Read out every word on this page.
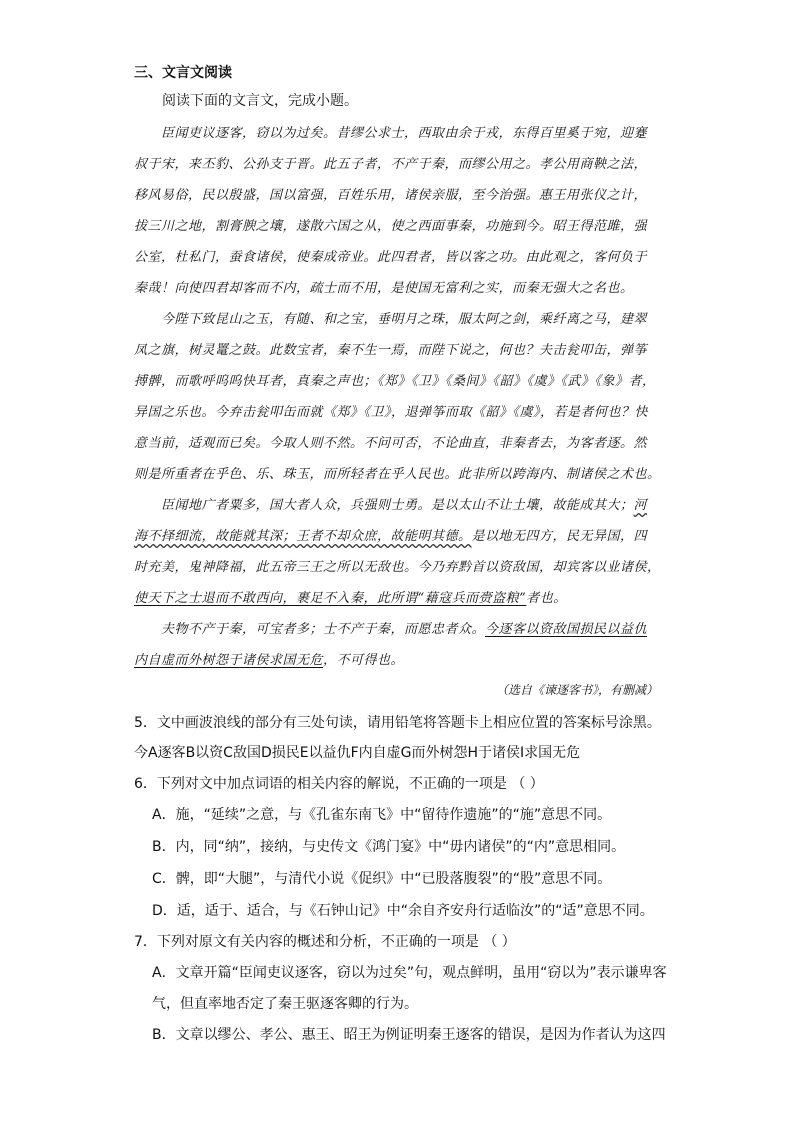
三、文言文阅读
阅读下面的文言文，完成小题。
臣闻吏议逐客，窃以为过矣。昔缪公求士，西取由余于戎，东得百里奚于宛，迎蹇
叔于宋，来丕豹、公孙支于晋。此五子者，不产于秦，而缪公用之。孝公用商鞅之法，
移风易俗，民以殷盛，国以富强，百姓乐用，诸侯亲服，至今治强。惠王用张仪之计，
拔三川之地，割膏腴之壤，遂散六国之从，使之西面事秦，功施到今。昭王得范雎，强
公室，杜私门，蚕食诸侯，使秦成帝业。此四君者，皆以客之功。由此观之，客何负于
秦哉！向使四君却客而不内，疏士而不用，是使国无富利之实，而秦无强大之名也。
今陛下致昆山之玉，有随、和之宝，垂明月之珠，服太阿之剑，乘纤离之马，建翠
凤之旗，树灵鼍之鼓。此数宝者，秦不生一焉，而陛下说之，何也？夫击瓮叩缶，弹筝
搏髀，而歌呼呜呜快耳者，真秦之声也；《郑》《卫》《桑间》《韶》《虞》《武》《象》者，
异国之乐也。今弃击瓮叩缶而就《郑》《卫》，退弹筝而取《韶》《虞》，若是者何也？快
意当前，适观而已矣。今取人则不然。不问可否，不论曲直，非秦者去，为客者逐。然
则是所重者在乎色、乐、珠玉，而所轻者在乎人民也。此非所以跨海内、制诸侯之术也。
臣闻地广者粟多，国大者人众，兵强则士勇。是以太山不让土壤，故能成其大；河
海不择细流，故能就其深；王者不却众庶，故能明其德。是以地无四方，民无异国，四
时充美，鬼神降福，此五帝三王之所以无敌也。今乃弃黔首以资敌国，却宾客以业诸侯，
使天下之士退而不敢西向，裹足不入秦，此所谓“藉寇兵而赍盗粮”者也。
夫物不产于秦，可宝者多；士不产于秦，而愿忠者众。今逐客以资敌国损民以益仇
内自虚而外树怨于诸侯求国无危，不可得也。
（选自《谏逐客书》，有删减）
5．文中画波浪线的部分有三处句读，请用铅笔将答题卡上相应位置的答案标号涂黑。
今A逐客B以资C敌国D损民E以益仇F内自虚G而外树怨H于诸侯I求国无危
6．下列对文中加点词语的相关内容的解说，不正确的一项是 （ ）
A．施，“延续”之意，与《孔雀东南飞》中“留待作遗施”的“施”意思不同。
B．内，同“纳”，接纳，与史传文《鸿门宴》中“毋内诸侯”的“内”意思相同。
C．髀，即“大腿”，与清代小说《促织》中“已股落腹裂”的“股”意思不同。
D．适，适于、适合，与《石钟山记》中“余自齐安舟行适临汝”的“适”意思不同。
7．下列对原文有关内容的概述和分析，不正确的一项是 （ ）
A．文章开篇“臣闻吏议逐客，窃以为过矣”句，观点鲜明，虽用“窃以为”表示谦卑客
气，但直率地否定了秦王驱逐客卿的行为。
B．文章以缪公、孝公、惠王、昭王为例证明秦王逐客的错误，是因为作者认为这四
